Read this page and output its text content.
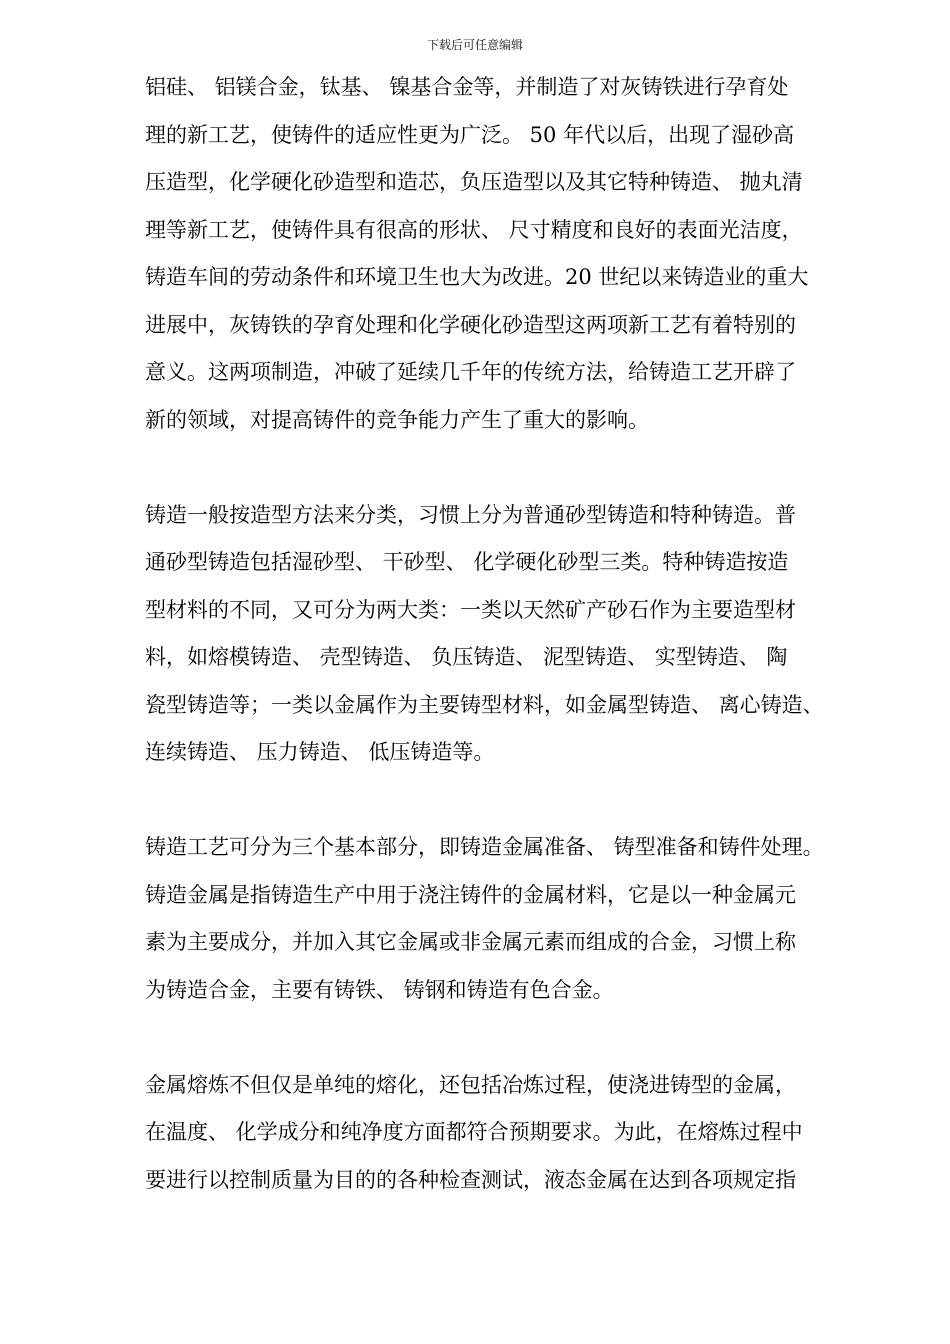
下载后可任意编辑
铝硅、 铝镁合金，钛基、 镍基合金等，并制造了对灰铸铁进行孕育处
理的新工艺，使铸件的适应性更为广泛。 50 年代以后，出现了湿砂高
压造型，化学硬化砂造型和造芯，负压造型以及其它特种铸造、 抛丸清
理等新工艺，使铸件具有很高的形状、 尺寸精度和良好的表面光洁度，
铸造车间的劳动条件和环境卫生也大为改进。20 世纪以来铸造业的重大
进展中，灰铸铁的孕育处理和化学硬化砂造型这两项新工艺有着特别的
意义。这两项制造，冲破了延续几千年的传统方法，给铸造工艺开辟了
新的领域，对提高铸件的竞争能力产生了重大的影响。
铸造一般按造型方法来分类，习惯上分为普通砂型铸造和特种铸造。普
通砂型铸造包括湿砂型、 干砂型、 化学硬化砂型三类。特种铸造按造
型材料的不同，又可分为两大类：一类以天然矿产砂石作为主要造型材
料，如熔模铸造、 壳型铸造、 负压铸造、 泥型铸造、 实型铸造、 陶
瓷型铸造等；一类以金属作为主要铸型材料，如金属型铸造、 离心铸造、
连续铸造、 压力铸造、 低压铸造等。
铸造工艺可分为三个基本部分，即铸造金属准备、 铸型准备和铸件处理。
铸造金属是指铸造生产中用于浇注铸件的金属材料，它是以一种金属元
素为主要成分，并加入其它金属或非金属元素而组成的合金，习惯上称
为铸造合金，主要有铸铁、 铸钢和铸造有色合金。
金属熔炼不但仅是单纯的熔化，还包括冶炼过程，使浇进铸型的金属，
在温度、 化学成分和纯净度方面都符合预期要求。为此，在熔炼过程中
要进行以控制质量为目的的各种检查测试，液态金属在达到各项规定指
